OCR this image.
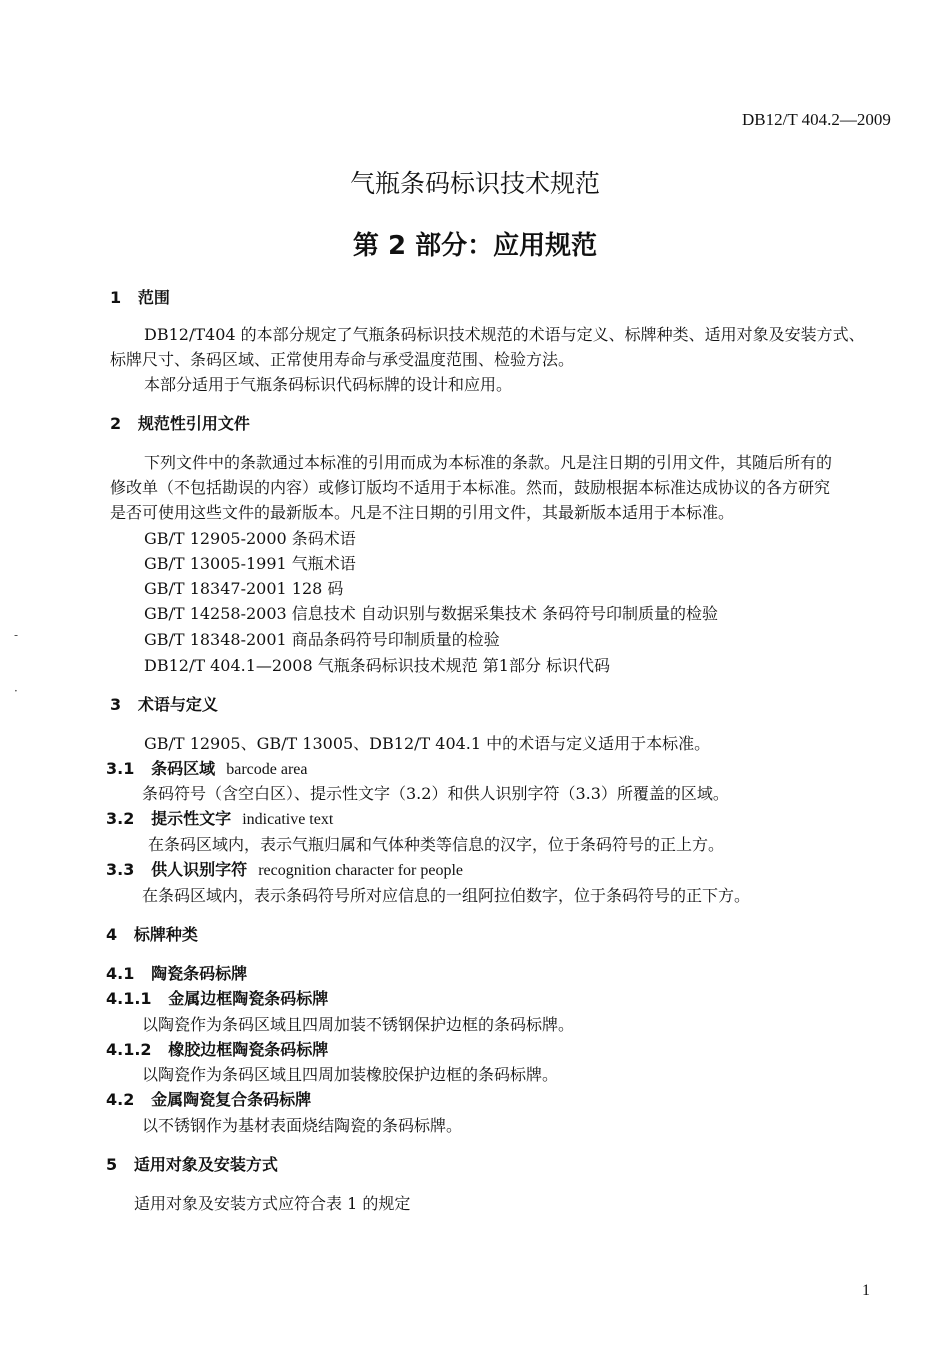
DB12/T 404.2—2009
气瓶条码标识技术规范
第 2 部分：应用规范
1 范围
DB12/T404 的本部分规定了气瓶条码标识技术规范的术语与定义、标牌种类、适用对象及安装方式、
标牌尺寸、条码区域、正常使用寿命与承受温度范围、检验方法。
本部分适用于气瓶条码标识代码标牌的设计和应用。
2 规范性引用文件
下列文件中的条款通过本标准的引用而成为本标准的条款。凡是注日期的引用文件，其随后所有的
修改单（不包括勘误的内容）或修订版均不适用于本标准。然而，鼓励根据本标准达成协议的各方研究
是否可使用这些文件的最新版本。凡是不注日期的引用文件，其最新版本适用于本标准。
GB/T 12905-2000 条码术语
GB/T 13005-1991 气瓶术语
GB/T 18347-2001 128 码
GB/T 14258-2003 信息技术 自动识别与数据采集技术 条码符号印制质量的检验
GB/T 18348-2001 商品条码符号印制质量的检验
DB12/T 404.1—2008 气瓶条码标识技术规范 第1部分 标识代码
-
·
3 术语与定义
GB/T 12905、GB/T 13005、DB12/T 404.1 中的术语与定义适用于本标准。
3.1 条码区域 barcode area
条码符号（含空白区）、提示性文字（3.2）和供人识别字符（3.3）所覆盖的区域。
3.2 提示性文字 indicative text
在条码区域内，表示气瓶归属和气体种类等信息的汉字，位于条码符号的正上方。
3.3 供人识别字符 recognition character for people
在条码区域内，表示条码符号所对应信息的一组阿拉伯数字，位于条码符号的正下方。
4 标牌种类
4.1 陶瓷条码标牌
4.1.1 金属边框陶瓷条码标牌
以陶瓷作为条码区域且四周加装不锈钢保护边框的条码标牌。
4.1.2 橡胶边框陶瓷条码标牌
以陶瓷作为条码区域且四周加装橡胶保护边框的条码标牌。
4.2 金属陶瓷复合条码标牌
以不锈钢作为基材表面烧结陶瓷的条码标牌。
5 适用对象及安装方式
适用对象及安装方式应符合表 1 的规定
1
